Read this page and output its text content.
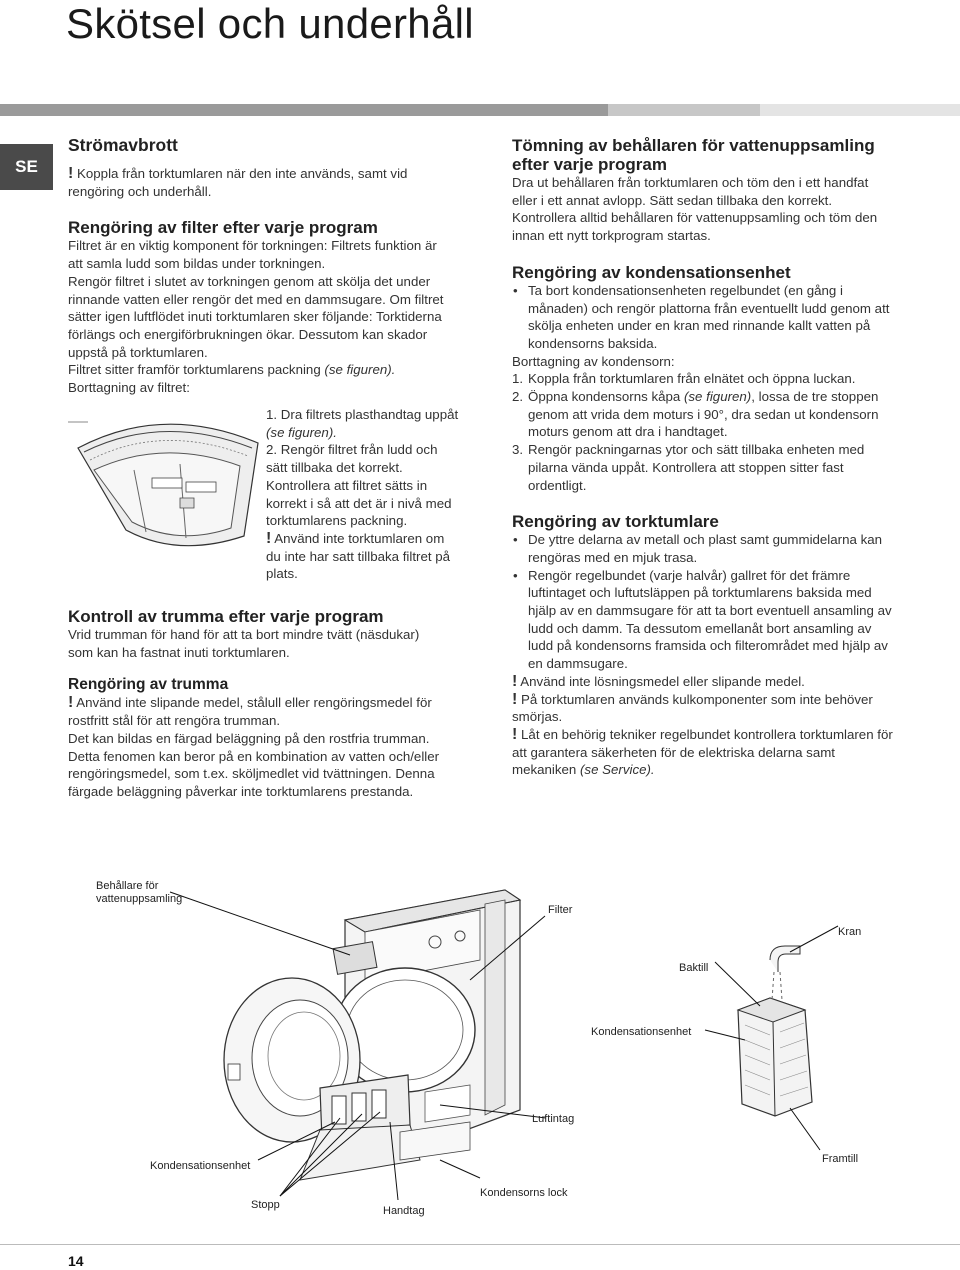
Skötsel och underhåll
SE
Strömavbrott

! Koppla från torktumlaren när den inte används, samt vid rengöring och underhåll.

Rengöring av filter efter varje program

Filtret är en viktig komponent för torkningen: Filtrets funktion är att samla ludd som bildas under torkningen.

Rengör filtret i slutet av torkningen genom att skölja det under rinnande vatten eller rengör det med en dammsugare. Om filtret sätter igen luftflödet inuti torktumlaren sker följande: Torktiderna förlängs och energiförbrukningen ökar. Dessutom kan skador uppstå på torktumlaren.

Filtret sitter framför torktumlarens packning (se figuren).

Borttagning av filtret:

1. Dra filtrets plasthandtag uppåt (se figuren).

2. Rengör filtret från ludd och sätt tillbaka det korrekt. Kontrollera att filtret sätts in korrekt i så att det är i nivå med torktumlarens packning.

! Använd inte torktumlaren om du inte har satt tillbaka filtret på plats.

Kontroll av trumma efter varje program

Vrid trumman för hand för att ta bort mindre tvätt (näsdukar) som kan ha fastnat inuti torktumlaren.

Rengöring av trumma

! Använd inte slipande medel, stålull eller rengöringsmedel för rostfritt stål för att rengöra trumman.

Det kan bildas en färgad beläggning på den rostfria trumman. Detta fenomen kan beror på en kombination av vatten och/eller rengöringsmedel, som t.ex. sköljmedlet vid tvättningen. Denna färgade beläggning påverkar inte torktumlarens prestanda.

Tömning av behållaren för vattenuppsamling efter varje program

Dra ut behållaren från torktumlaren och töm den i ett handfat eller i ett annat avlopp. Sätt sedan tillbaka den korrekt.

Kontrollera alltid behållaren för vattenuppsamling och töm den innan ett nytt torkprogram startas.

Rengöring av kondensationsenhet

• Ta bort kondensationsenheten regelbundet (en gång i månaden) och rengör plattorna från eventuellt ludd genom att skölja enheten under en kran med rinnande kallt vatten på kondensorns baksida.

Borttagning av kondensorn:

1. Koppla från torktumlaren från elnätet och öppna luckan.

2. Öppna kondensorns kåpa (se figuren), lossa de tre stoppen genom att vrida dem moturs i 90°, dra sedan ut kondensorn moturs genom att dra i handtaget.

3. Rengör packningarnas ytor och sätt tillbaka enheten med pilarna vända uppåt. Kontrollera att stoppen sitter fast ordentligt.

Rengöring av torktumlare

• De yttre delarna av metall och plast samt gummidelarna kan rengöras med en mjuk trasa.

• Rengör regelbundet (varje halvår) gallret för det främre luftintaget och luftutsläppen på torktumlarens baksida med hjälp av en dammsugare för att ta bort eventuell ansamling av ludd och damm. Ta dessutom emellanåt bort ansamling av ludd på kondensorns framsida och filterområdet med hjälp av en dammsugare.

! Använd inte lösningsmedel eller slipande medel.

! På torktumlaren används kulkomponenter som inte behöver smörjas.

! Låt en behörig tekniker regelbundet kontrollera torktumlaren för att garantera säkerheten för de elektriska delarna samt mekaniken (se Service).

Behållare för vattenuppsamling
Filter
Kran
Baktill
Kondensationsenhet
Luftintag
Kondensationsenhet
Framtill
Stopp	Handtag
Kondensorns lock
14
